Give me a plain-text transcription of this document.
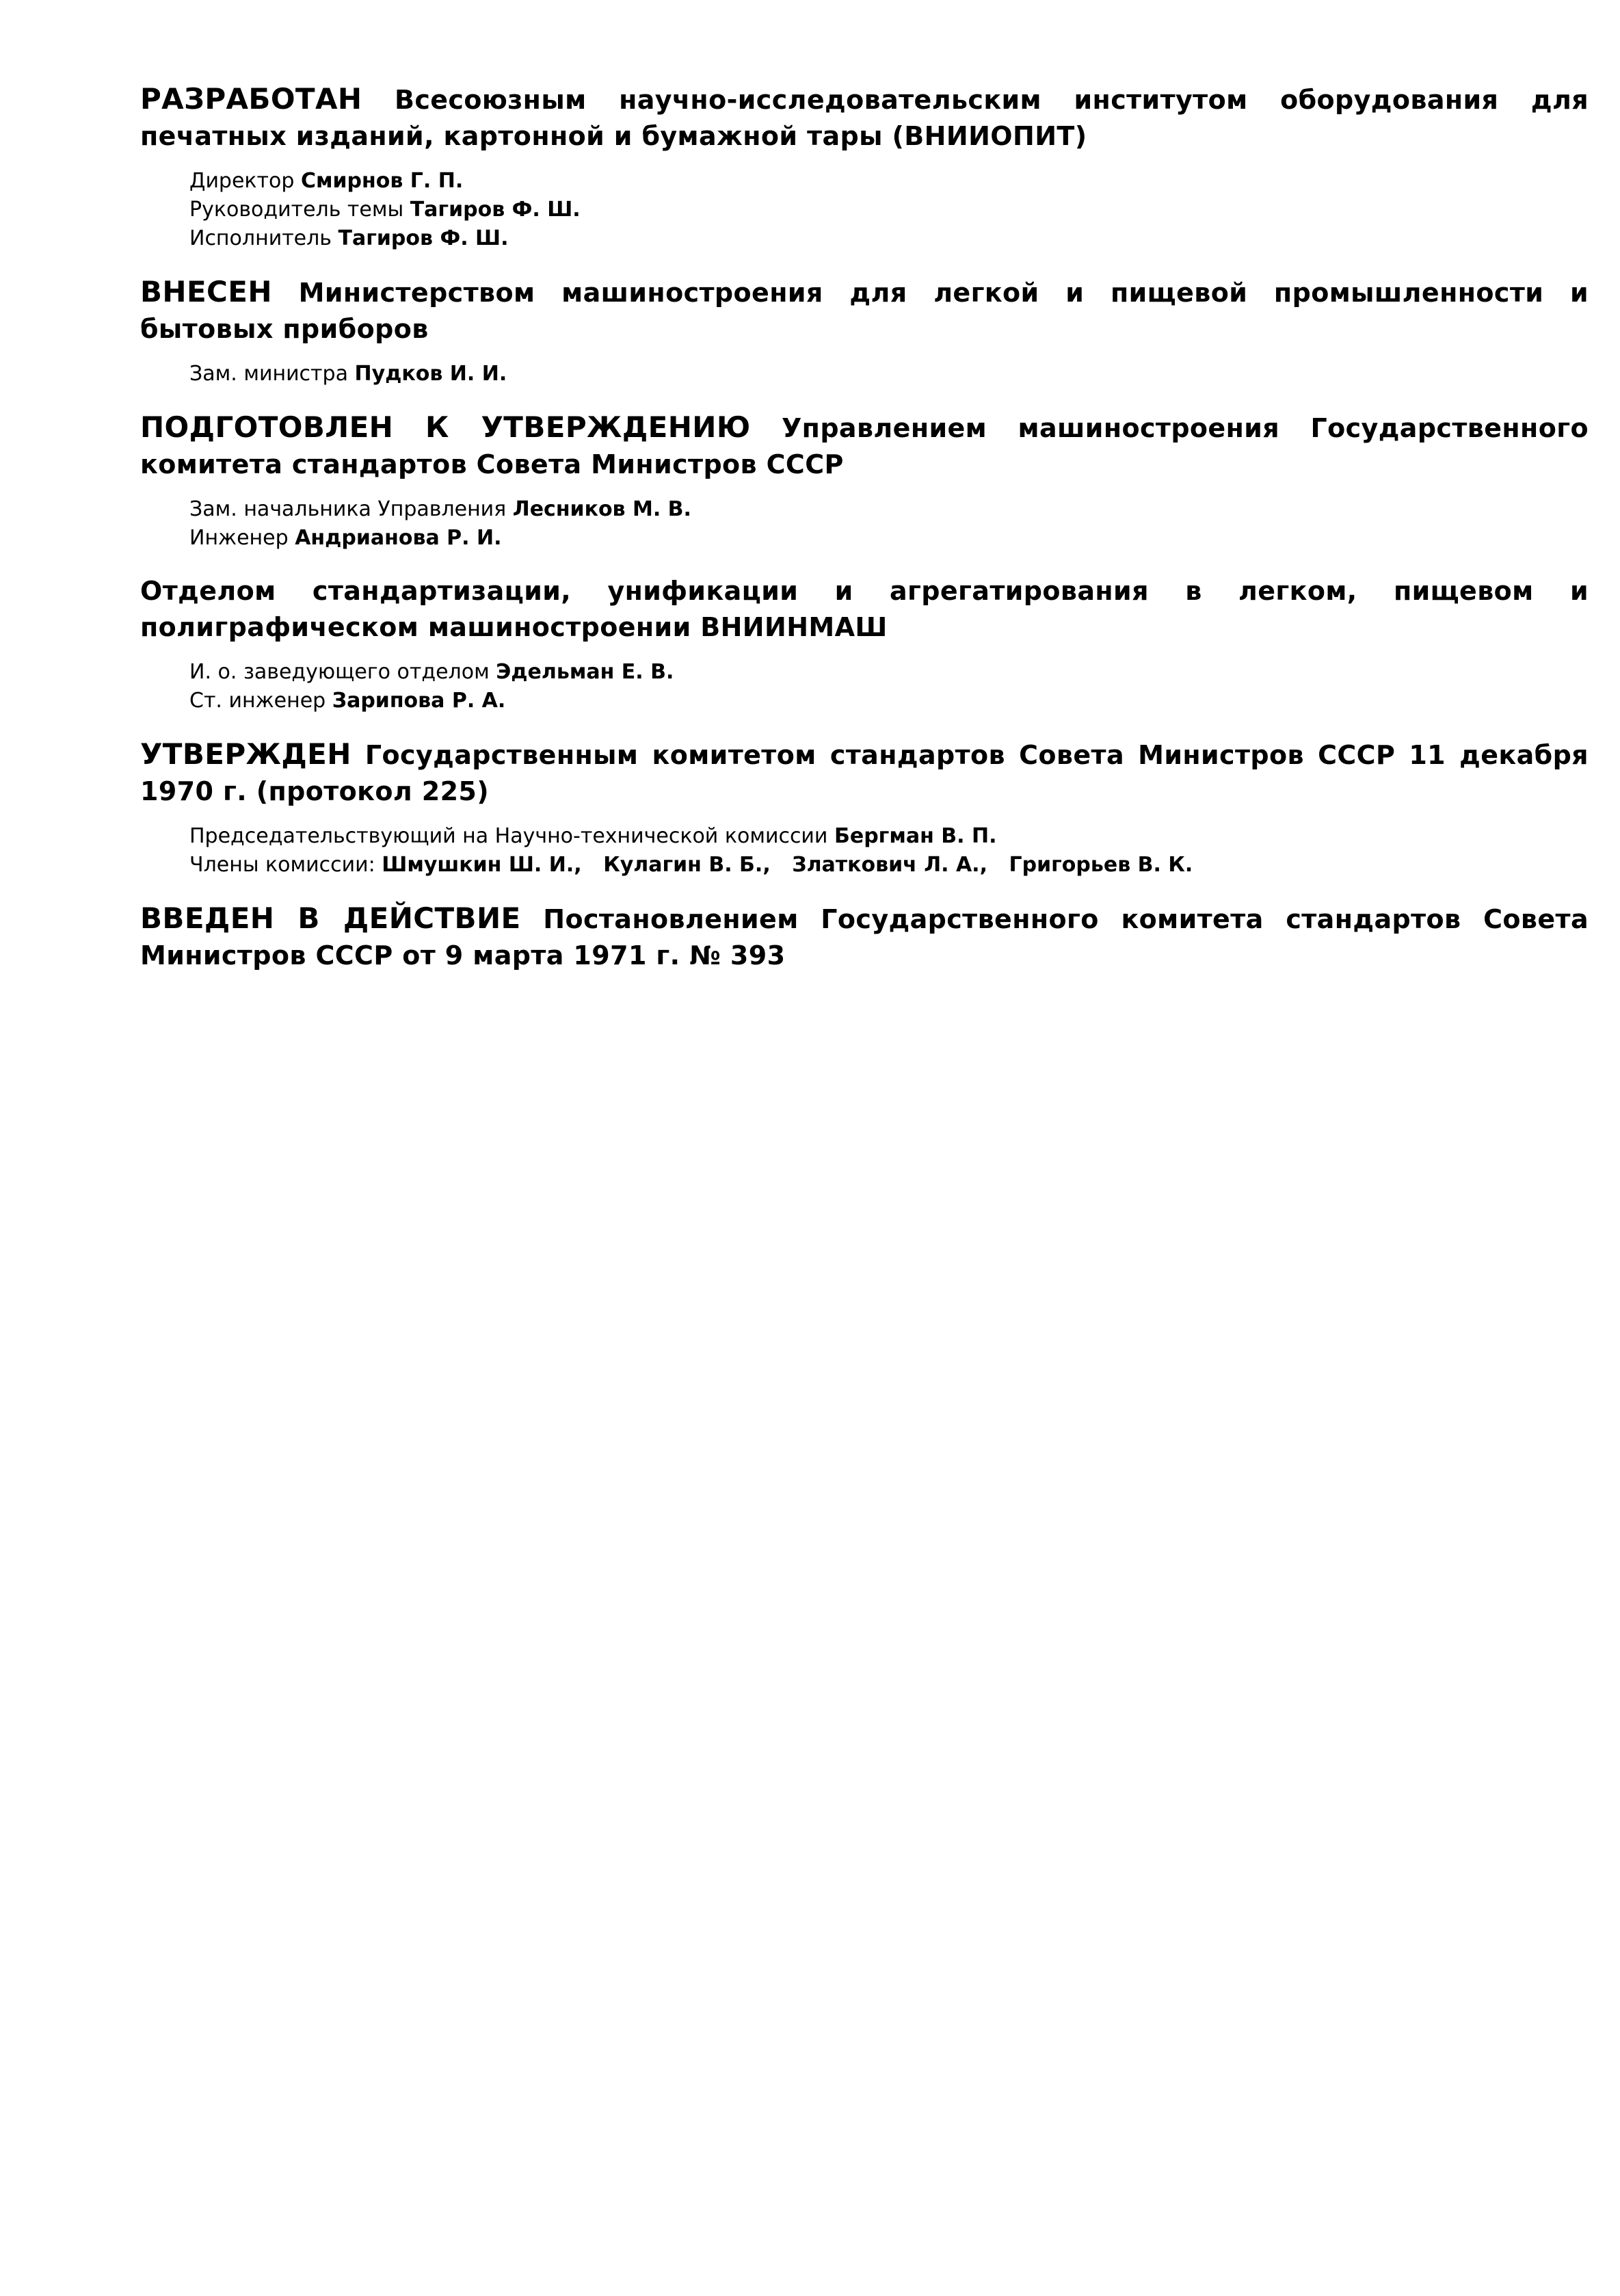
РАЗРАБОТАН Всесоюзным научно-исследовательским институтом оборудования для печатных изданий, картонной и бумажной тары (ВНИИОПИТ)

Директор Смирнов Г. П.
Руководитель темы Тагиров Ф. Ш.
Исполнитель Тагиров Ф. Ш.

ВНЕСЕН Министерством машиностроения для легкой и пищевой промышленности и бытовых приборов

Зам. министра Пудков И. И.

ПОДГОТОВЛЕН К УТВЕРЖДЕНИЮ Управлением машиностроения Государственного комитета стандартов Совета Министров СССР

Зам. начальника Управления Лесников М. В.
Инженер Андрианова Р. И.

Отделом стандартизации, унификации и агрегатирования в легком, пищевом и полиграфическом машиностроении ВНИИНМАШ

И. о. заведующего отделом Эдельман Е. В.
Ст. инженер Зарипова Р. А.

УТВЕРЖДЕН Государственным комитетом стандартов Совета Министров СССР 11 декабря 1970 г. (протокол 225)

Председательствующий на Научно-технической комиссии Бергман В. П.
Члены комиссии: Шмушкин Ш. И., Кулагин В. Б., Златкович Л. А., Григорьев В. К.

ВВЕДЕН В ДЕЙСТВИЕ Постановлением Государственного комитета стандартов Совета Министров СССР от 9 марта 1971 г. № 393
